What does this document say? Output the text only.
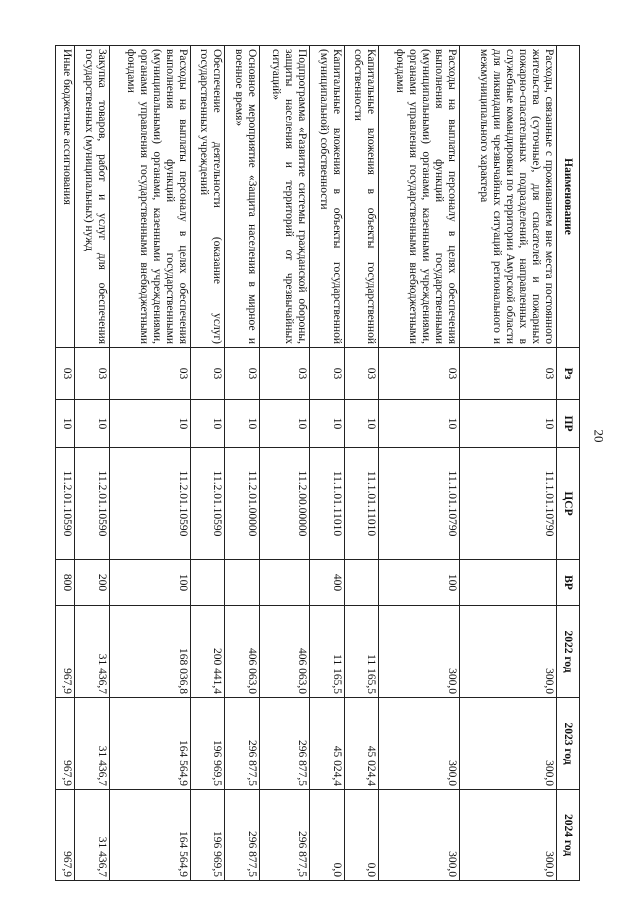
20
Наименование	Рз	ПР	ЦСР	ВР	2022 год	2023 год	2024 год
Расходы, связанные с проживанием вне места постоянного жительства (суточные), для спасателей и пожарных пожарно-спасательных подразделений, направленных в служебные командировки по территории Амурской области для ликвидации чрезвычайных ситуаций регионального и межмуниципального характера	03	10	11.1.01.10790		300,0	300,0	300,0
Расходы на выплаты персоналу в целях обеспечения выполнения функций государственными (муниципальными) органами, казенными учреждениями, органами управления государственными внебюджетными фондами	03	10	11.1.01.10790	100	300,0	300,0	300,0
Капитальные вложения в объекты государственной собственности	03	10	11.1.01.11010		11 165,5	45 024,4	0,0
Капитальные вложения в объекты государственной (муниципальной) собственности	03	10	11.1.01.11010	400	11 165,5	45 024,4	0,0
Подпрограмма «Развитие системы гражданской обороны, защиты населения и территорий от чрезвычайных ситуаций»	03	10	11.2.00.00000		406 063,0	296 877,5	296 877,5
Основное мероприятие «Защита населения в мирное и военное время»	03	10	11.2.01.00000		406 063,0	296 877,5	296 877,5
Обеспечение деятельности (оказание услуг) государственных учреждений	03	10	11.2.01.10590		200 441,4	196 969,5	196 969,5
Расходы на выплаты персоналу в целях обеспечения выполнения функций государственными (муниципальными) органами, казенными учреждениями, органами управления государственными внебюджетными фондами	03	10	11.2.01.10590	100	168 036,8	164 564,9	164 564,9
Закупка товаров, работ и услуг для обеспечения государственных (муниципальных) нужд	03	10	11.2.01.10590	200	31 436,7	31 436,7	31 436,7
Иные бюджетные ассигнования	03	10	11.2.01.10590	800	967,9	967,9	967,9
